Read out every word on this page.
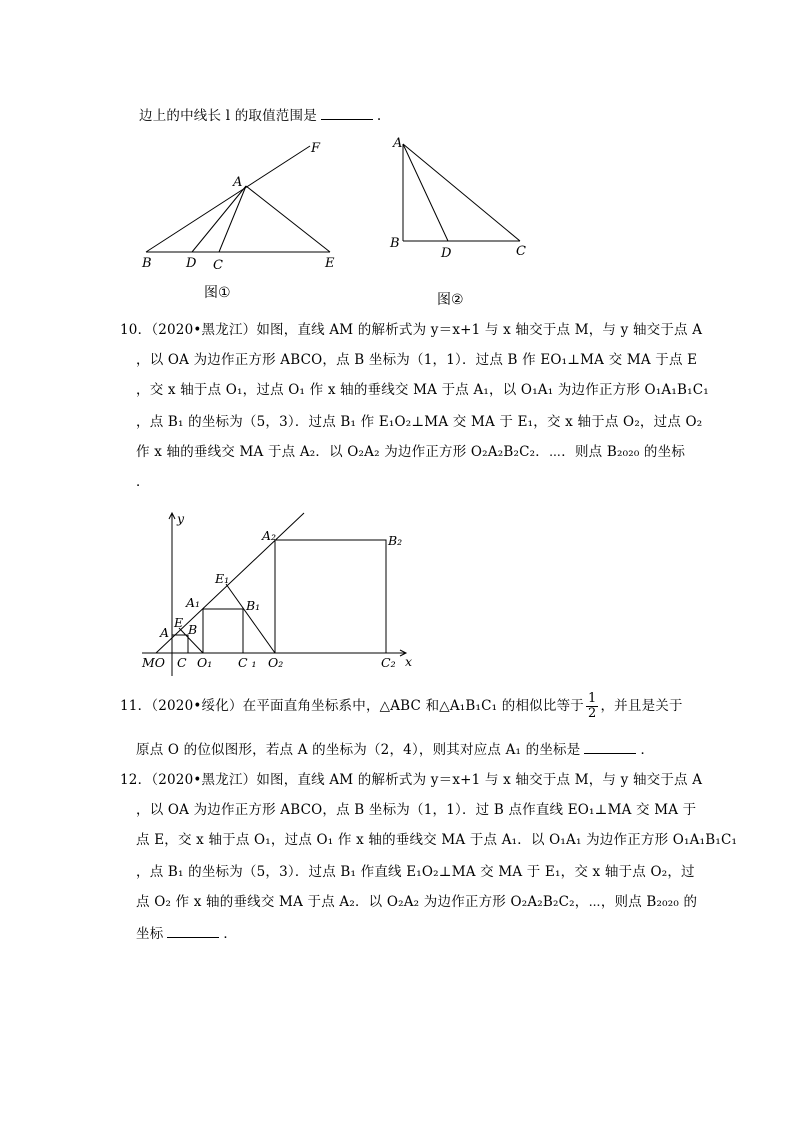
边上的中线长 l 的取值范围是	.
F
A
B	D C	E
A
B
D	C
y
x
MO
A
E B
C O₁
A₁
E₁
B₁
C ₁
A₂	B₂
O₂	C₂
图①	图②
10．（2020•黑龙江）如图，直线 AM 的解析式为 y＝x+1 与 x 轴交于点 M，与 y 轴交于点 A
，以 OA 为边作正方形 ABCO，点 B 坐标为（1，1）．过点 B 作 EO₁⊥MA 交 MA 于点 E
，交 x 轴于点 O₁，过点 O₁ 作 x 轴的垂线交 MA 于点 A₁，以 O₁A₁ 为边作正方形 O₁A₁B₁C₁
，点 B₁ 的坐标为（5，3）．过点 B₁ 作 E₁O₂⊥MA 交 MA 于 E₁，交 x 轴于点 O₂，过点 O₂
作 x 轴的垂线交 MA 于点 A₂．以 O₂A₂ 为边作正方形 O₂A₂B₂C₂．⋯．则点 B₂₀₂₀ 的坐标
．
11．（2020•绥化）在平面直角坐标系中，△ABC 和△A₁B₁C₁ 的相似比等于 $\frac{1}{2}$ ，并且是关于
原点 O 的位似图形，若点 A 的坐标为（2，4），则其对应点 A₁ 的坐标是	．
12．（2020•黑龙江）如图，直线 AM 的解析式为 y＝x+1 与 x 轴交于点 M，与 y 轴交于点 A
，以 OA 为边作正方形 ABCO，点 B 坐标为（1，1）．过 B 点作直线 EO₁⊥MA 交 MA 于
点 E，交 x 轴于点 O₁，过点 O₁ 作 x 轴的垂线交 MA 于点 A₁．以 O₁A₁ 为边作正方形 O₁A₁B₁C₁
，点 B₁ 的坐标为（5，3）．过点 B₁ 作直线 E₁O₂⊥MA 交 MA 于 E₁，交 x 轴于点 O₂，过
点 O₂ 作 x 轴的垂线交 MA 于点 A₂．以 O₂A₂ 为边作正方形 O₂A₂B₂C₂，⋯，则点 B₂₀₂₀ 的
坐标	．
